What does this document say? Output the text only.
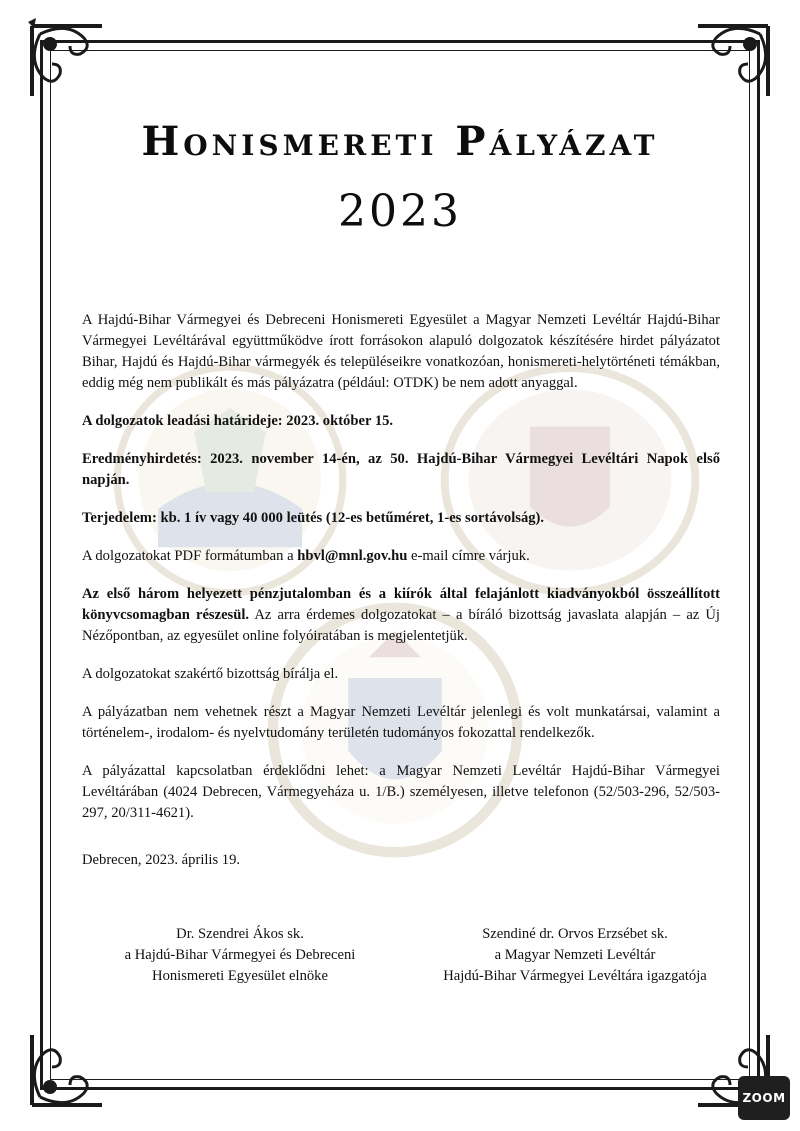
Honismereti Pályázat
2023

A Hajdú-Bihar Vármegyei és Debreceni Honismereti Egyesület a Magyar Nemzeti Levéltár Hajdú-Bihar Vármegyei Levéltárával együttműködve írott forrásokon alapuló dolgozatok készítésére hirdet pályázatot Bihar, Hajdú és Hajdú-Bihar vármegyék és településeikre vonatkozóan, honismereti-helytörténeti témákban, eddig még nem publikált és más pályázatra (például: OTDK) be nem adott anyaggal.

A dolgozatok leadási határideje: 2023. október 15.

Eredményhirdetés: 2023. november 14-én, az 50. Hajdú-Bihar Vármegyei Levéltári Napok első napján.

Terjedelem: kb. 1 ív vagy 40 000 leütés (12-es betűméret, 1-es sortávolság).

A dolgozatokat PDF formátumban a hbvl@mnl.gov.hu e-mail címre várjuk.

Az első három helyezett pénzjutalomban és a kiírók által felajánlott kiadványokból összeállított könyvcsomagban részesül. Az arra érdemes dolgozatokat – a bíráló bizottság javaslata alapján – az Új Nézőpontban, az egyesület online folyóiratában is megjelentetjük.

A dolgozatokat szakértő bizottság bírálja el.

A pályázatban nem vehetnek részt a Magyar Nemzeti Levéltár jelenlegi és volt munkatársai, valamint a történelem-, irodalom- és nyelvtudomány területén tudományos fokozattal rendelkezők.

A pályázattal kapcsolatban érdeklődni lehet: a Magyar Nemzeti Levéltár Hajdú-Bihar Vármegyei Levéltárában (4024 Debrecen, Vármegyeháza u. 1/B.) személyesen, illetve telefonon (52/503-296, 52/503-297, 20/311-4621).

Debrecen, 2023. április 19.

Dr. Szendrei Ákos sk.
a Hajdú-Bihar Vármegyei és Debreceni
Honismereti Egyesület elnöke
Szendiné dr. Orvos Erzsébet sk.
a Magyar Nemzeti Levéltár
Hajdú-Bihar Vármegyei Levéltára igazgatója
ZOOM
